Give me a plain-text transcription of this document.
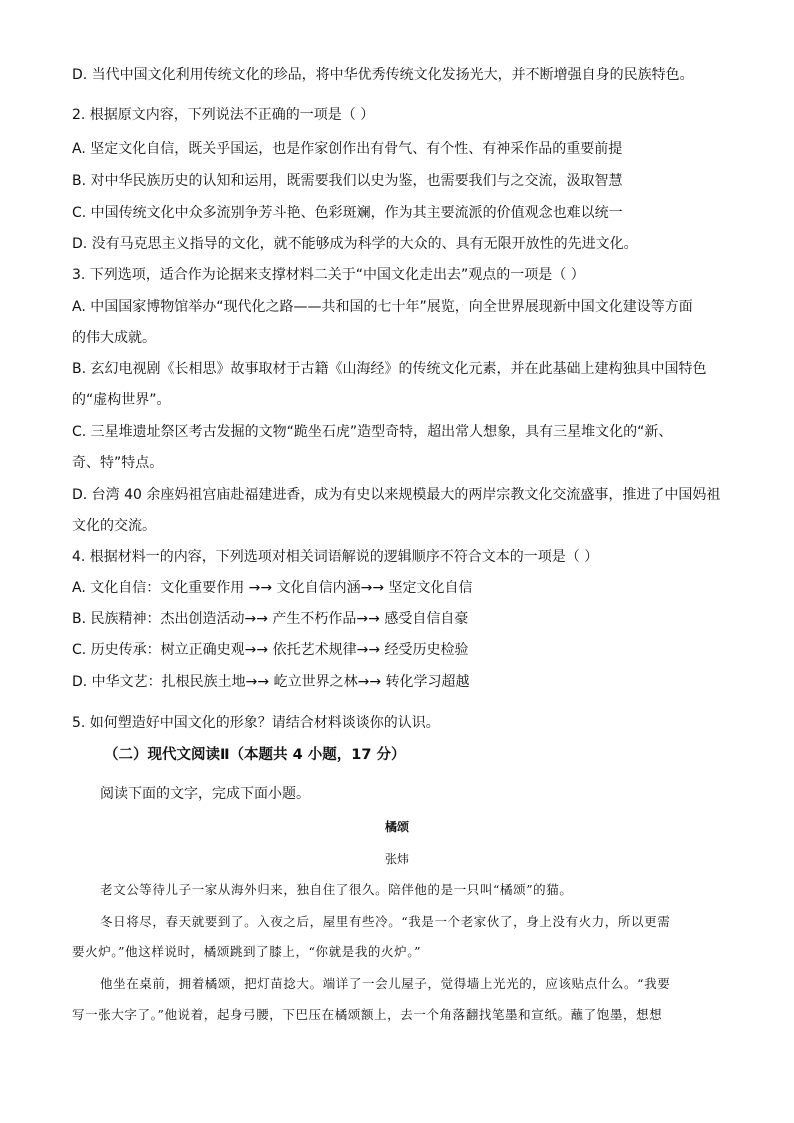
D. 当代中国文化利用传统文化的珍品，将中华优秀传统文化发扬光大，并不断增强自身的民族特色。
2. 根据原文内容，下列说法不正确的一项是（ ）
A. 坚定文化自信，既关乎国运，也是作家创作出有骨气、有个性、有神采作品的重要前提
B. 对中华民族历史的认知和运用，既需要我们以史为鉴，也需要我们与之交流，汲取智慧
C. 中国传统文化中众多流别争芳斗艳、色彩斑斓，作为其主要流派的价值观念也难以统一
D. 没有马克思主义指导的文化，就不能够成为科学的大众的、具有无限开放性的先进文化。
3. 下列选项，适合作为论据来支撑材料二关于“中国文化走出去”观点的一项是（ ）
A. 中国国家博物馆举办“现代化之路——共和国的七十年”展览，向全世界展现新中国文化建设等方面
的伟大成就。
B. 玄幻电视剧《长相思》故事取材于古籍《山海经》的传统文化元素，并在此基础上建构独具中国特色
的“虚构世界”。
C. 三星堆遗址祭区考古发掘的文物“跪坐石虎”造型奇特，超出常人想象，具有三星堆文化的“新、
奇、特”特点。
D. 台湾 40 余座妈祖宫庙赴福建进香，成为有史以来规模最大的两岸宗教文化交流盛事，推进了中国妈祖
文化的交流。
4. 根据材料一的内容，下列选项对相关词语解说的逻辑顺序不符合文本的一项是（ ）
A. 文化自信：文化重要作用 →→ 文化自信内涵→→ 坚定文化自信
B. 民族精神：杰出创造活动→→ 产生不朽作品→→ 感受自信自豪
C. 历史传承：树立正确史观→→ 依托艺术规律→→ 经受历史检验
D. 中华文艺：扎根民族土地→→ 屹立世界之林→→ 转化学习超越
5. 如何塑造好中国文化的形象？请结合材料谈谈你的认识。
（二）现代文阅读Ⅱ（本题共 4 小题，17 分）
阅读下面的文字，完成下面小题。
橘颂
张炜
老文公等待儿子一家从海外归来，独自住了很久。陪伴他的是一只叫“橘颂”的猫。
冬日将尽，春天就要到了。入夜之后，屋里有些冷。“我是一个老家伙了，身上没有火力，所以更需
要火炉。”他这样说时，橘颂跳到了膝上，“你就是我的火炉。”
他坐在桌前，拥着橘颂，把灯苗捻大。端详了一会儿屋子，觉得墙上光光的，应该贴点什么。“我要
写一张大字了。”他说着，起身弓腰，下巴压在橘颂额上，去一个角落翻找笔墨和宣纸。蘸了饱墨，想想
